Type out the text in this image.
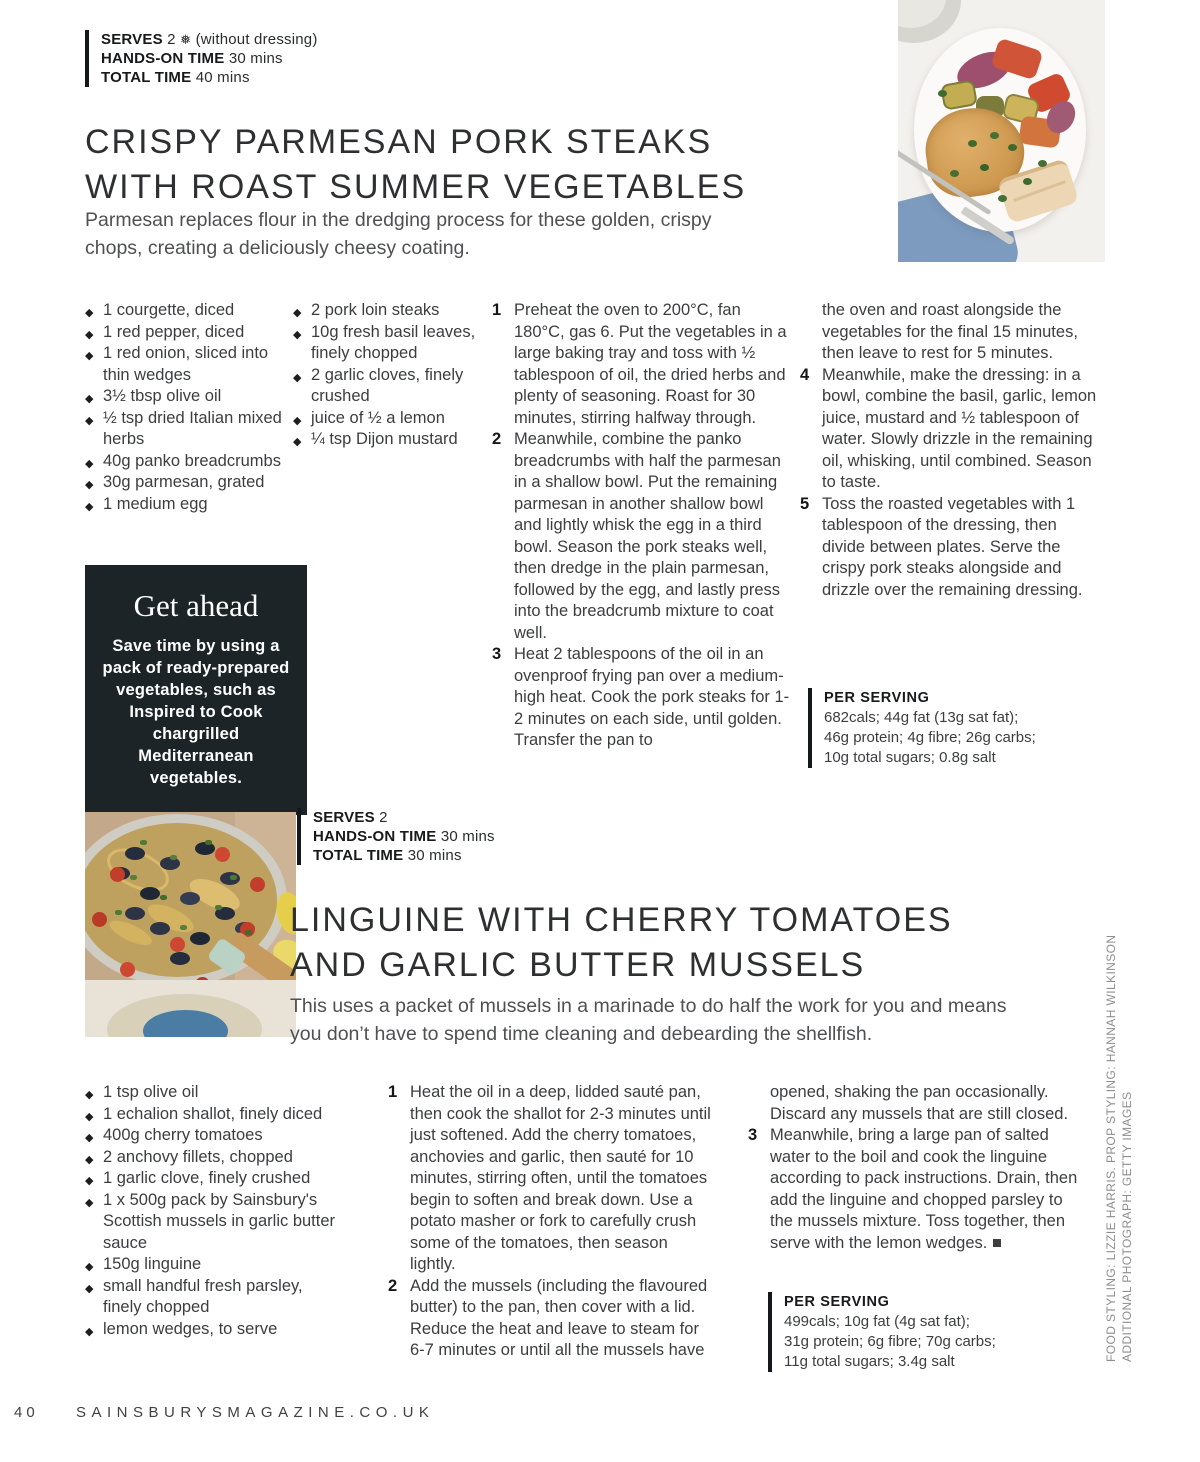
SERVES 2 ❅ (without dressing)
HANDS-ON TIME 30 mins
TOTAL TIME 40 mins
CRISPY PARMESAN PORK STEAKS
WITH ROAST SUMMER VEGETABLES
Parmesan replaces flour in the dredging process for these golden, crispy chops, creating a deliciously cheesy coating.
◆ 1 courgette, diced
◆ 1 red pepper, diced
◆ 1 red onion, sliced into thin wedges
◆ 3½ tbsp olive oil
◆ ½ tsp dried Italian mixed herbs
◆ 40g panko breadcrumbs
◆ 30g parmesan, grated
◆ 1 medium egg
◆ 2 pork loin steaks
◆ 10g fresh basil leaves, finely chopped
◆ 2 garlic cloves, finely crushed
◆ juice of ½ a lemon
◆ ¼ tsp Dijon mustard
1 Preheat the oven to 200°C, fan 180°C, gas 6. Put the vegetables in a large baking tray and toss with ½ tablespoon of oil, the dried herbs and plenty of seasoning. Roast for 30 minutes, stirring halfway through.
2 Meanwhile, combine the panko breadcrumbs with half the parmesan in a shallow bowl. Put the remaining parmesan in another shallow bowl and lightly whisk the egg in a third bowl. Season the pork steaks well, then dredge in the plain parmesan, followed by the egg, and lastly press into the breadcrumb mixture to coat well.
3 Heat 2 tablespoons of the oil in an ovenproof frying pan over a medium-high heat. Cook the pork steaks for 1-2 minutes on each side, until golden. Transfer the pan to
the oven and roast alongside the vegetables for the final 15 minutes, then leave to rest for 5 minutes.
4 Meanwhile, make the dressing: in a bowl, combine the basil, garlic, lemon juice, mustard and ½ tablespoon of water. Slowly drizzle in the remaining oil, whisking, until combined. Season to taste.
5 Toss the roasted vegetables with 1 tablespoon of the dressing, then divide between plates. Serve the crispy pork steaks alongside and drizzle over the remaining dressing.
Get ahead
Save time by using a pack of ready-prepared vegetables, such as Inspired to Cook chargrilled Mediterranean vegetables.
PER SERVING
682cals; 44g fat (13g sat fat);
46g protein; 4g fibre; 26g carbs;
10g total sugars; 0.8g salt
SERVES 2
HANDS-ON TIME 30 mins
TOTAL TIME 30 mins
LINGUINE WITH CHERRY TOMATOES
AND GARLIC BUTTER MUSSELS
This uses a packet of mussels in a marinade to do half the work for you and means you don’t have to spend time cleaning and debearding the shellfish.
◆ 1 tsp olive oil
◆ 1 echalion shallot, finely diced
◆ 400g cherry tomatoes
◆ 2 anchovy fillets, chopped
◆ 1 garlic clove, finely crushed
◆ 1 x 500g pack by Sainsbury's Scottish mussels in garlic butter sauce
◆ 150g linguine
◆ small handful fresh parsley, finely chopped
◆ lemon wedges, to serve
1 Heat the oil in a deep, lidded sauté pan, then cook the shallot for 2-3 minutes until just softened. Add the cherry tomatoes, anchovies and garlic, then sauté for 10 minutes, stirring often, until the tomatoes begin to soften and break down. Use a potato masher or fork to carefully crush some of the tomatoes, then season lightly.
2 Add the mussels (including the flavoured butter) to the pan, then cover with a lid. Reduce the heat and leave to steam for 6-7 minutes or until all the mussels have
opened, shaking the pan occasionally. Discard any mussels that are still closed.
3 Meanwhile, bring a large pan of salted water to the boil and cook the linguine according to pack instructions. Drain, then add the linguine and chopped parsley to the mussels mixture. Toss together, then serve with the lemon wedges. ■
PER SERVING
499cals; 10g fat (4g sat fat);
31g protein; 6g fibre; 70g carbs;
11g total sugars; 3.4g salt	FOOD STYLING: LIZZIE HARRIS. PROP STYLING: HANNAH WILKINSON ADDITIONAL PHOTOGRAPH: GETTY IMAGES
40 SAINSBURYSMAGAZINE.CO.UK
